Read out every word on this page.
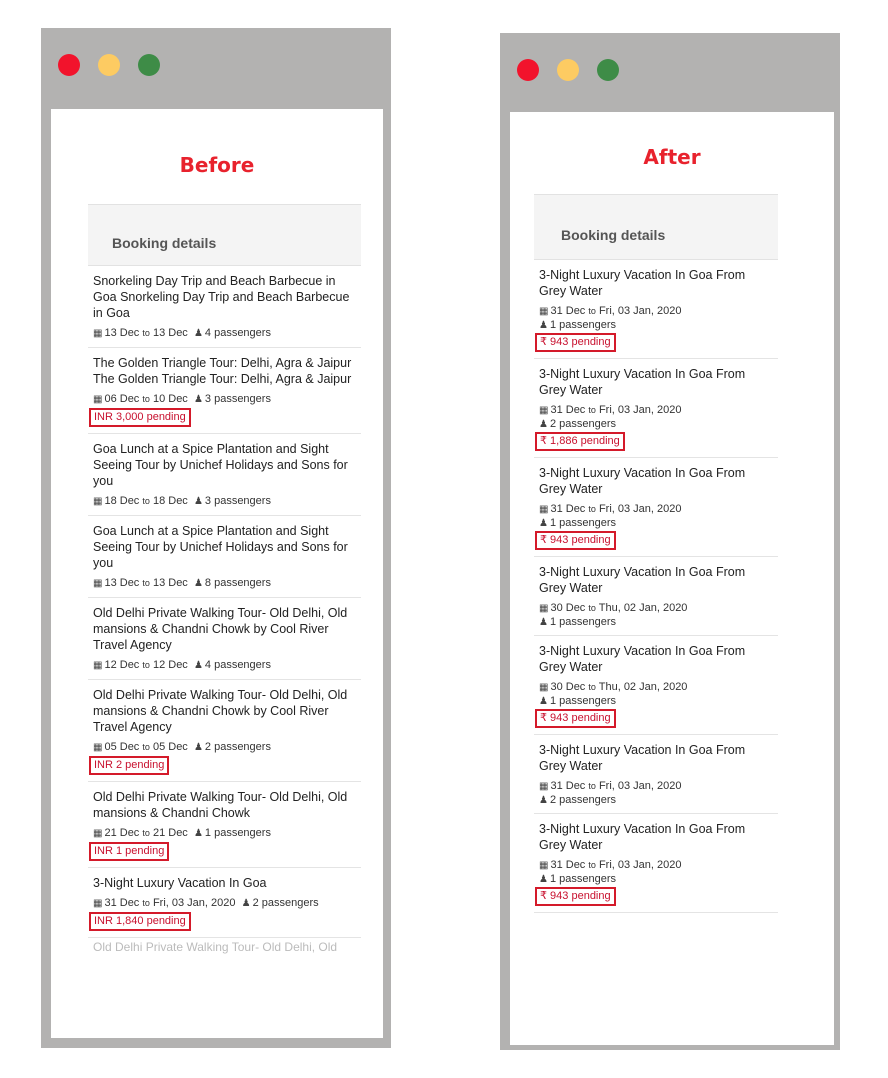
Before
Booking details
Snorkeling Day Trip and Beach Barbecue in Goa Snorkeling Day Trip and Beach Barbecue in Goa
▦ 13 Dec to 13 Dec ♟ 4 passengers
The Golden Triangle Tour: Delhi, Agra & Jaipur The Golden Triangle Tour: Delhi, Agra & Jaipur
▦ 06 Dec to 10 Dec ♟ 3 passengers
INR 3,000 pending
Goa Lunch at a Spice Plantation and Sight Seeing Tour by Unichef Holidays and Sons for you
▦ 18 Dec to 18 Dec ♟ 3 passengers
Goa Lunch at a Spice Plantation and Sight Seeing Tour by Unichef Holidays and Sons for you
▦ 13 Dec to 13 Dec ♟ 8 passengers
Old Delhi Private Walking Tour- Old Delhi, Old mansions & Chandni Chowk by Cool River Travel Agency
▦ 12 Dec to 12 Dec ♟ 4 passengers
Old Delhi Private Walking Tour- Old Delhi, Old mansions & Chandni Chowk by Cool River Travel Agency
▦ 05 Dec to 05 Dec ♟ 2 passengers
INR 2 pending
Old Delhi Private Walking Tour- Old Delhi, Old mansions & Chandni Chowk
▦ 21 Dec to 21 Dec ♟ 1 passengers
INR 1 pending
3-Night Luxury Vacation In Goa
▦ 31 Dec to Fri, 03 Jan, 2020 ♟ 2 passengers
INR 1,840 pending
Old Delhi Private Walking Tour- Old Delhi, Old
After
Booking details
3-Night Luxury Vacation In Goa From Grey Water
▦ 31 Dec to Fri, 03 Jan, 2020
♟ 1 passengers
₹ 943 pending
3-Night Luxury Vacation In Goa From Grey Water
▦ 31 Dec to Fri, 03 Jan, 2020
♟ 2 passengers
₹ 1,886 pending
3-Night Luxury Vacation In Goa From Grey Water
▦ 31 Dec to Fri, 03 Jan, 2020
♟ 1 passengers
₹ 943 pending
3-Night Luxury Vacation In Goa From Grey Water
▦ 30 Dec to Thu, 02 Jan, 2020
♟ 1 passengers
3-Night Luxury Vacation In Goa From Grey Water
▦ 30 Dec to Thu, 02 Jan, 2020
♟ 1 passengers
₹ 943 pending
3-Night Luxury Vacation In Goa From Grey Water
▦ 31 Dec to Fri, 03 Jan, 2020
♟ 2 passengers
3-Night Luxury Vacation In Goa From Grey Water
▦ 31 Dec to Fri, 03 Jan, 2020
♟ 1 passengers
₹ 943 pending
